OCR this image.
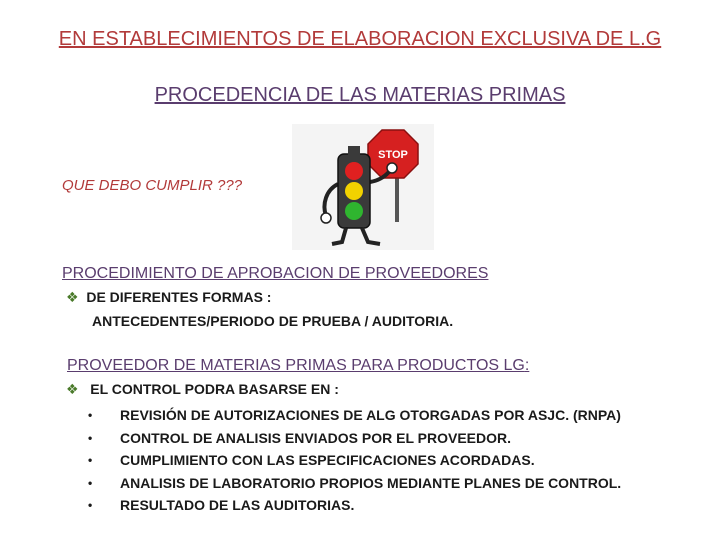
EN ESTABLECIMIENTOS DE ELABORACION EXCLUSIVA DE L.G
PROCEDENCIA DE LAS MATERIAS PRIMAS
QUE DEBO CUMPLIR ???
STOP
PROCEDIMIENTO DE APROBACION DE PROVEEDORES
❖ DE DIFERENTES FORMAS :
ANTECEDENTES/PERIODO DE PRUEBA / AUDITORIA.
PROVEEDOR DE MATERIAS PRIMAS PARA PRODUCTOS LG:
❖ EL CONTROL PODRA BASARSE EN :
• REVISIÓN DE AUTORIZACIONES DE ALG OTORGADAS POR ASJC. (RNPA)
• CONTROL DE ANALISIS ENVIADOS POR EL PROVEEDOR.
• CUMPLIMIENTO CON LAS ESPECIFICACIONES ACORDADAS.
• ANALISIS DE LABORATORIO PROPIOS MEDIANTE PLANES DE CONTROL.
• RESULTADO DE LAS AUDITORIAS.
